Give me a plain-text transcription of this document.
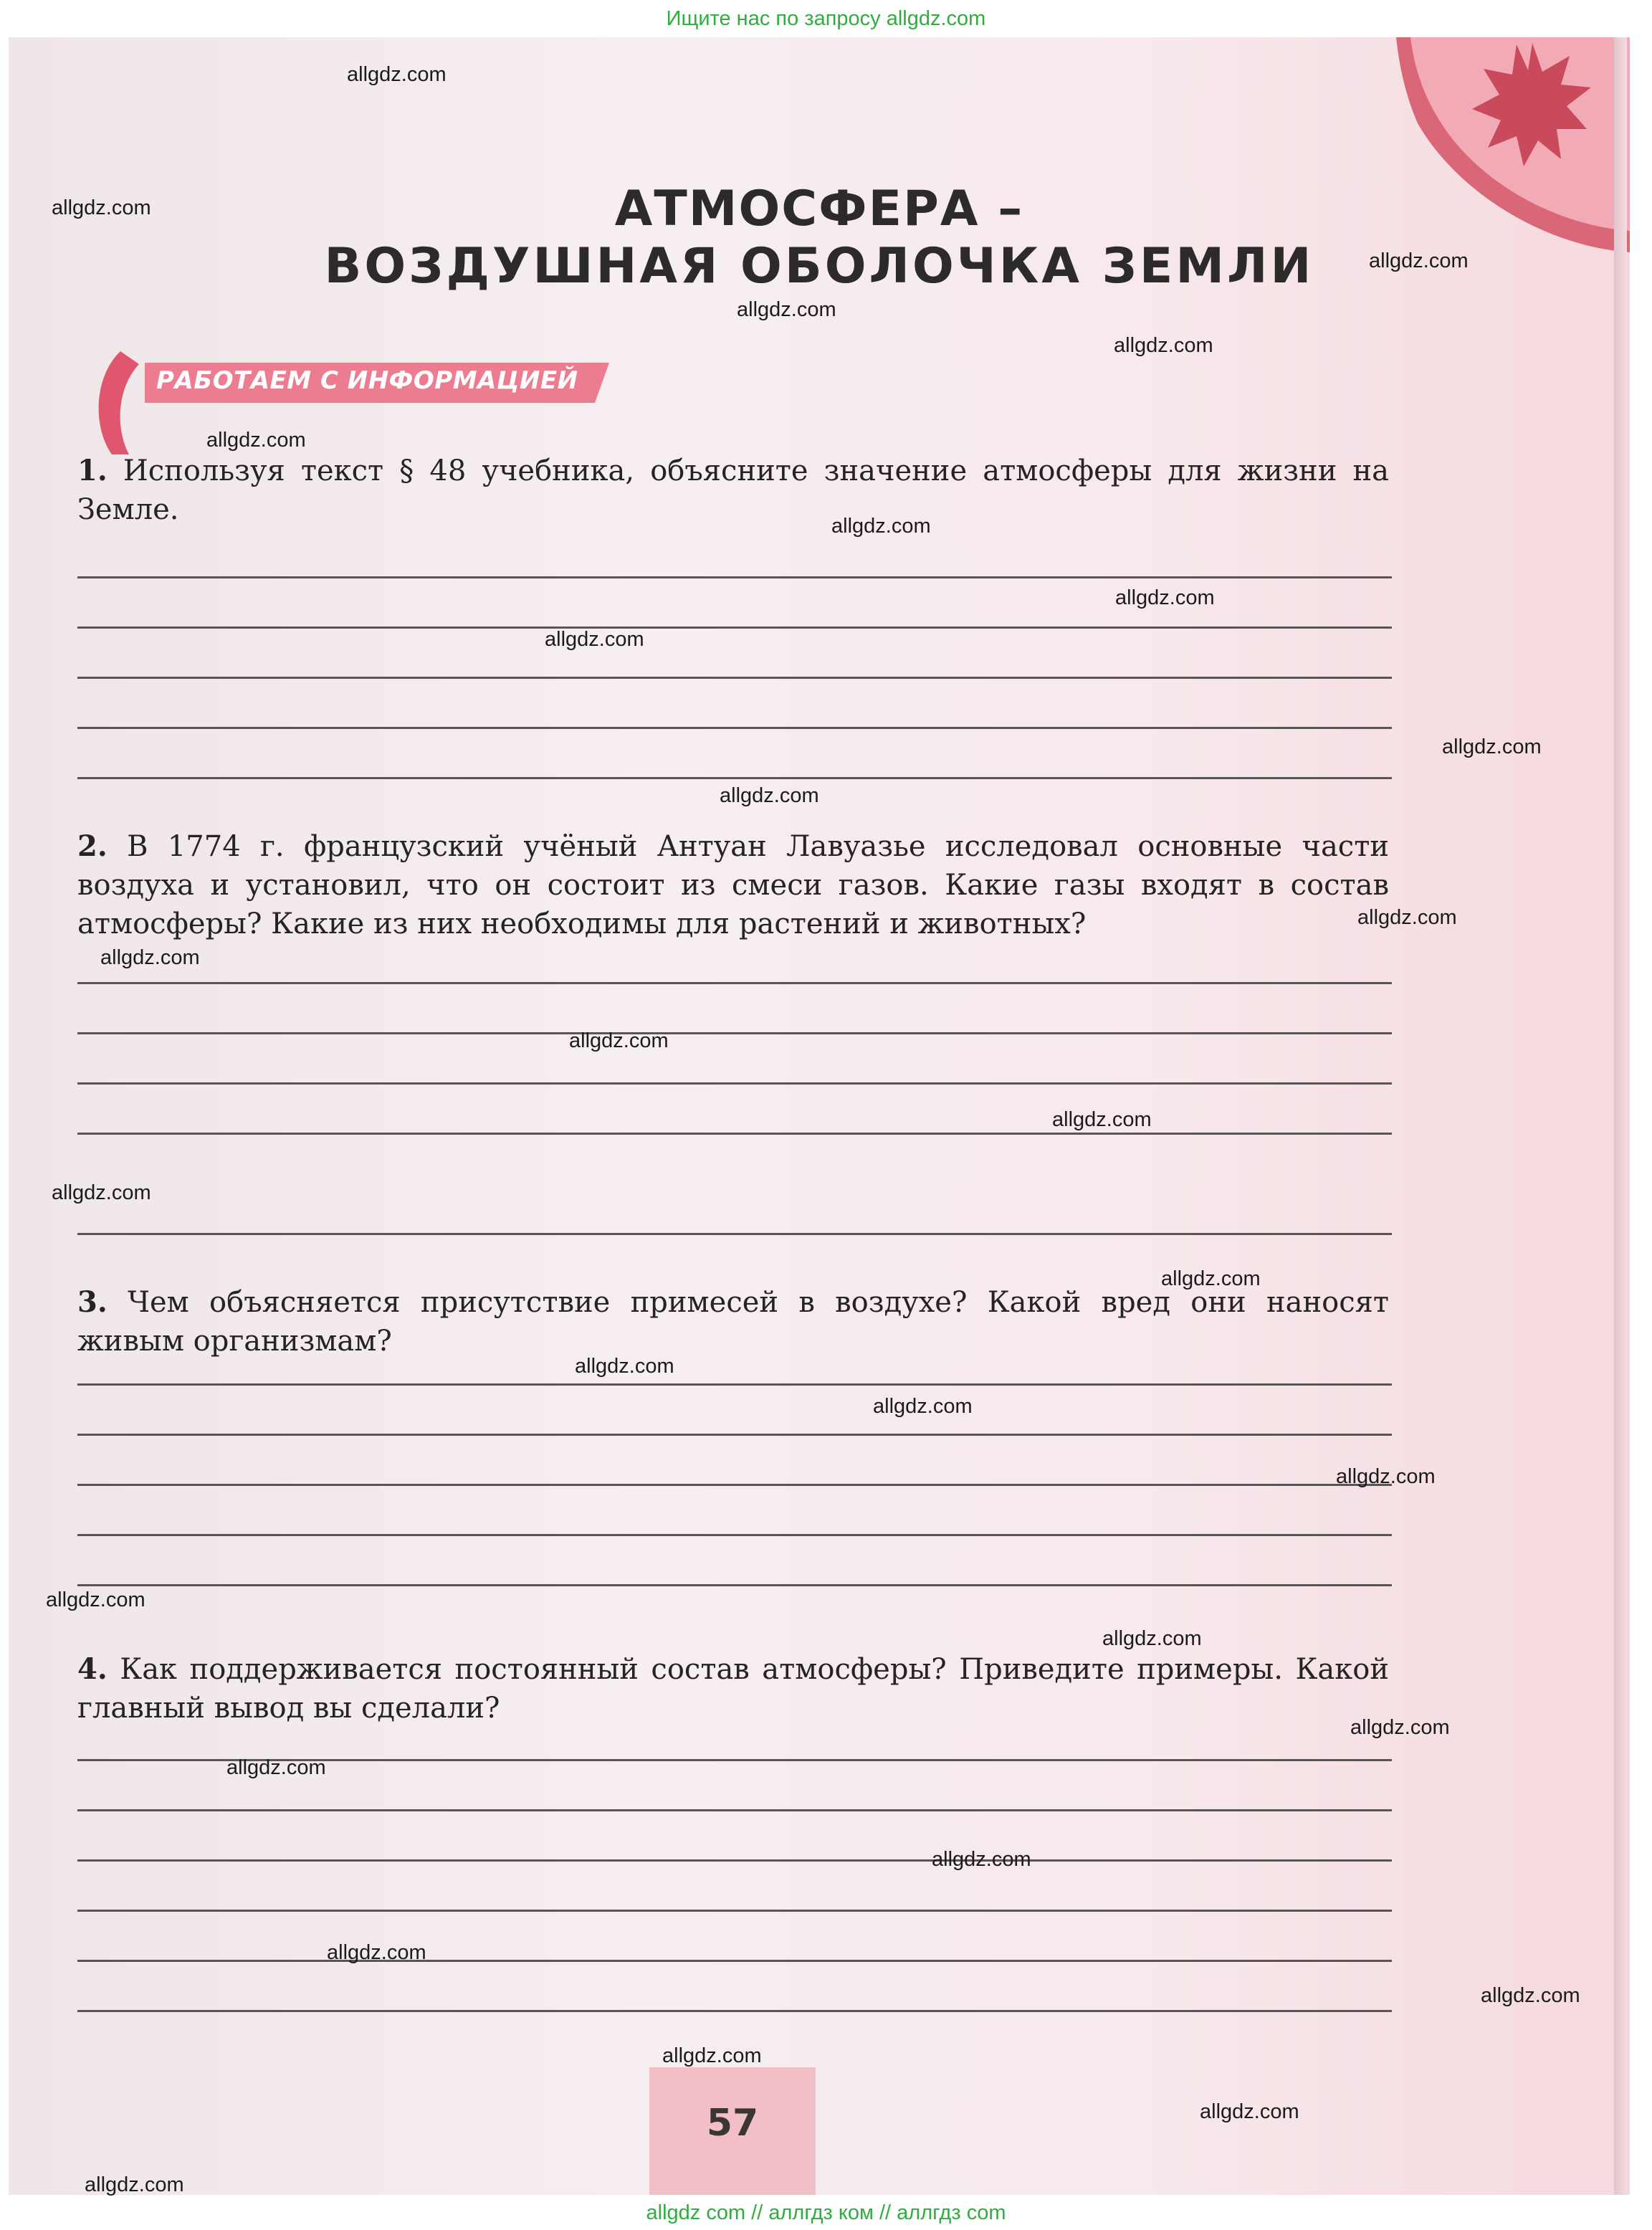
Ищите нас по запросу allgdz.com
АТМОСФЕРА –
ВОЗДУШНАЯ ОБОЛОЧКА ЗЕМЛИ
РАБОТАЕМ С ИНФОРМАЦИЕЙ
1. Используя текст § 48 учебника, объясните значение атмосферы для жизни на Земле.
2. В 1774 г. французский учёный Антуан Лавуазье исследовал основные части воздуха и установил, что он состоит из смеси газов. Какие газы входят в состав атмосферы? Какие из них необходимы для растений и животных?
3. Чем объясняется присутствие примесей в воздухе? Какой вред они наносят живым организмам?
4. Как поддерживается постоянный состав атмосферы? Приведите примеры. Какой главный вывод вы сделали?
57
allgdz.com
allgdz.com
allgdz.com
allgdz.com
allgdz.com
allgdz.com
allgdz.com
allgdz.com
allgdz.com
allgdz.com
allgdz.com
allgdz.com
allgdz.com
allgdz.com
allgdz.com
allgdz.com
allgdz.com
allgdz.com
allgdz.com
allgdz.com
allgdz.com
allgdz.com
allgdz.com
allgdz.com
allgdz.com
allgdz.com
allgdz.com
allgdz.com
allgdz.com
allgdz.com
allgdz com // аллгдз ком // аллгдз com
